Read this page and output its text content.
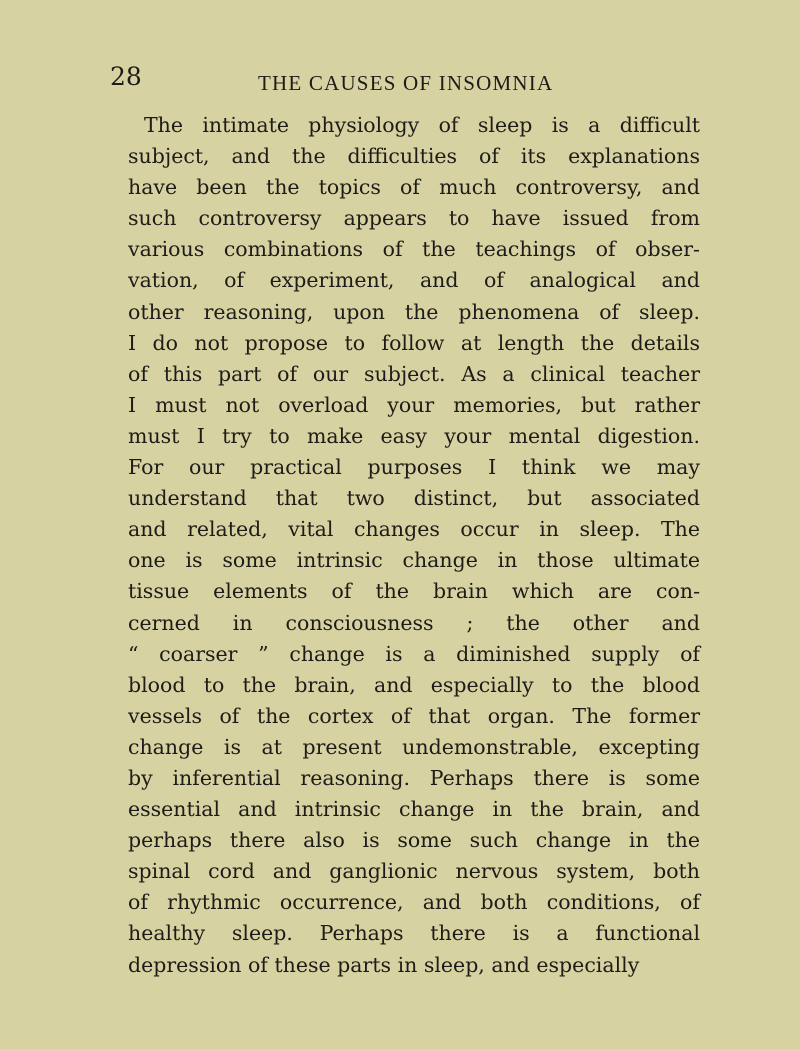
28	THE CAUSES OF INSOMNIA
The intimate physiology of sleep is a difficult
subject, and the difficulties of its explanations
have been the topics of much controversy, and
such controversy appears to have issued from
various combinations of the teachings of obser-
vation, of experiment, and of analogical and
other reasoning, upon the phenomena of sleep.
I do not propose to follow at length the details
of this part of our subject. As a clinical teacher
I must not overload your memories, but rather
must I try to make easy your mental digestion.
For our practical purposes I think we may
understand that two distinct, but associated
and related, vital changes occur in sleep. The
one is some intrinsic change in those ultimate
tissue elements of the brain which are con-
cerned in consciousness ; the other and
“ coarser ” change is a diminished supply of
blood to the brain, and especially to the blood
vessels of the cortex of that organ. The former
change is at present undemonstrable, excepting
by inferential reasoning. Perhaps there is some
essential and intrinsic change in the brain, and
perhaps there also is some such change in the
spinal cord and ganglionic nervous system, both
of rhythmic occurrence, and both conditions, of
healthy sleep. Perhaps there is a functional
depression of these parts in sleep, and especially
